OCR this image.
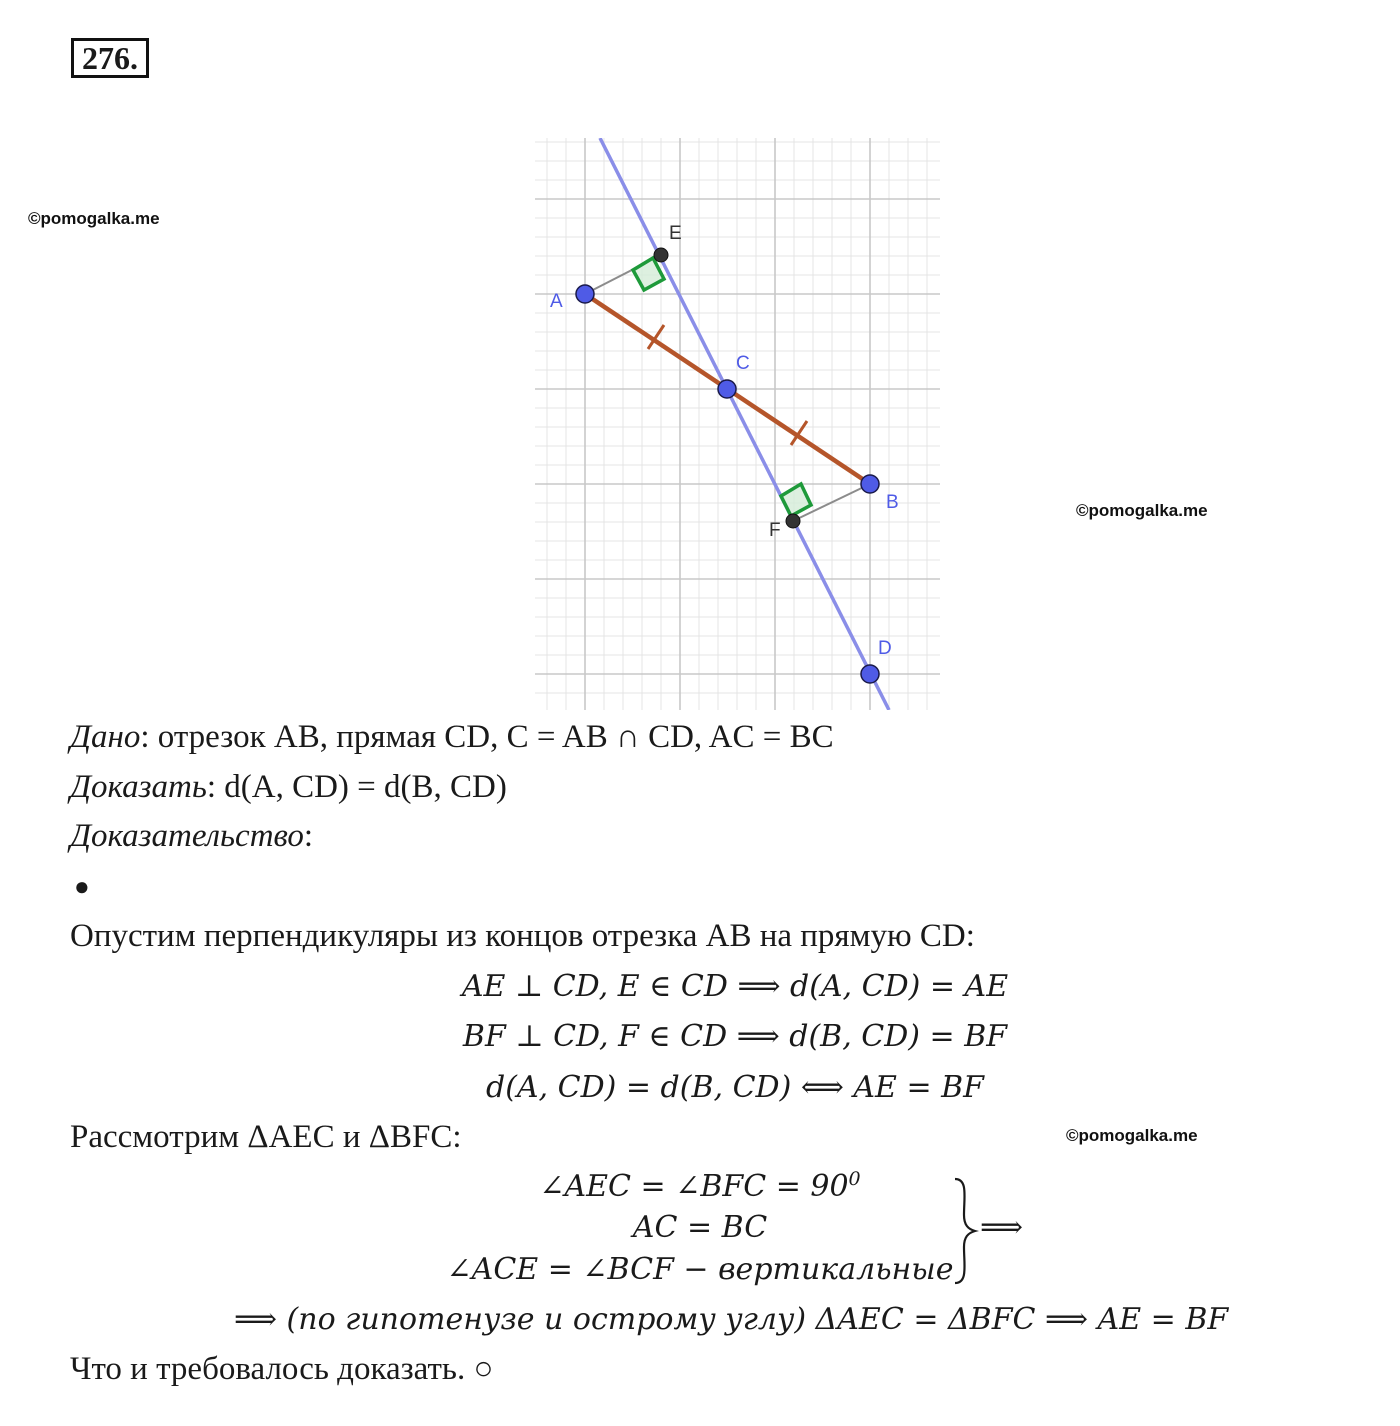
276.
©pomogalka.me
©pomogalka.me
©pomogalka.me
E
A
C
B
F
D
Дано: отрезок AB, прямая CD, C = AB ∩ CD, AC = BC
Доказать: d(A, CD) = d(B, CD)
Доказательство:
●
Опустим перпендикуляры из концов отрезка AB на прямую CD:
AE ⊥ CD, E ∈ CD ⟹ d(A, CD) = AE
BF ⊥ CD, F ∈ CD ⟹ d(B, CD) = BF
d(A, CD) = d(B, CD) ⟺ AE = BF
Рассмотрим ΔAEC и ΔBFC:
∠AEC = ∠BFC = $90^0$
AC = BC
∠ACE = ∠BCF − вертикальные
⟹
⟹ (по гипотенузе и острому углу) ΔAEC = ΔBFC ⟹ AE = BF
Что и требовалось доказать. ○
